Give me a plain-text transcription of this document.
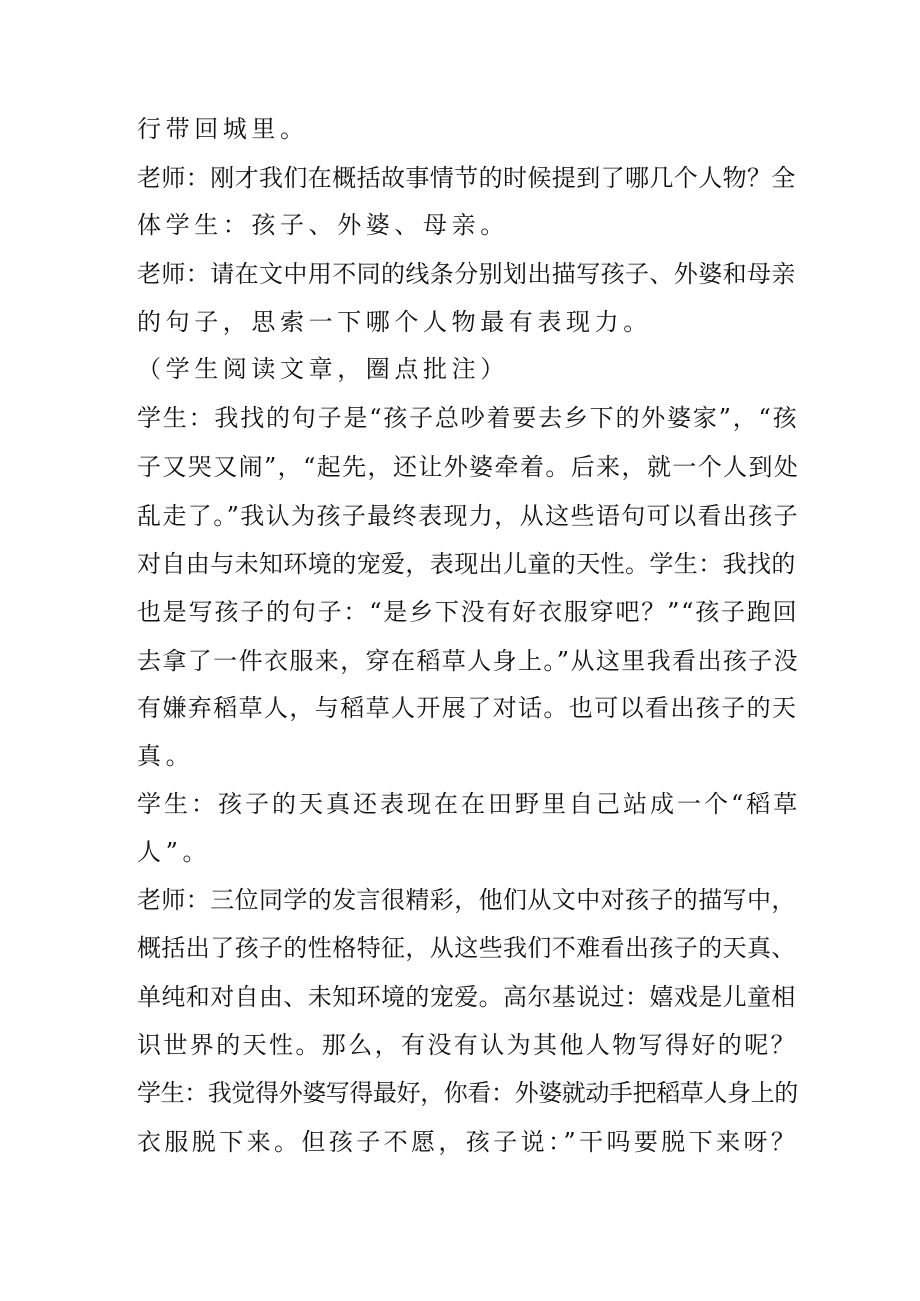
行带回城里。
老师：刚才我们在概括故事情节的时候提到了哪几个人物？全
体学生：孩子、外婆、母亲。
老师：请在文中用不同的线条分别划出描写孩子、外婆和母亲
的句子，思索一下哪个人物最有表现力。
（学生阅读文章，圈点批注）
学生：我找的句子是“孩子总吵着要去乡下的外婆家”，“孩
子又哭又闹”，“起先，还让外婆牵着。后来，就一个人到处
乱走了。”我认为孩子最终表现力，从这些语句可以看出孩子
对自由与未知环境的宠爱，表现出儿童的天性。学生：我找的
也是写孩子的句子：“是乡下没有好衣服穿吧？”“孩子跑回
去拿了一件衣服来，穿在稻草人身上。”从这里我看出孩子没
有嫌弃稻草人，与稻草人开展了对话。也可以看出孩子的天
真。
学生：孩子的天真还表现在在田野里自己站成一个“稻草
人”。
老师：三位同学的发言很精彩，他们从文中对孩子的描写中，
概括出了孩子的性格特征，从这些我们不难看出孩子的天真、
单纯和对自由、未知环境的宠爱。高尔基说过：嬉戏是儿童相
识世界的天性。那么，有没有认为其他人物写得好的呢？
学生：我觉得外婆写得最好，你看：外婆就动手把稻草人身上的
衣服脱下来。但孩子不愿，孩子说：”干吗要脱下来呀？
